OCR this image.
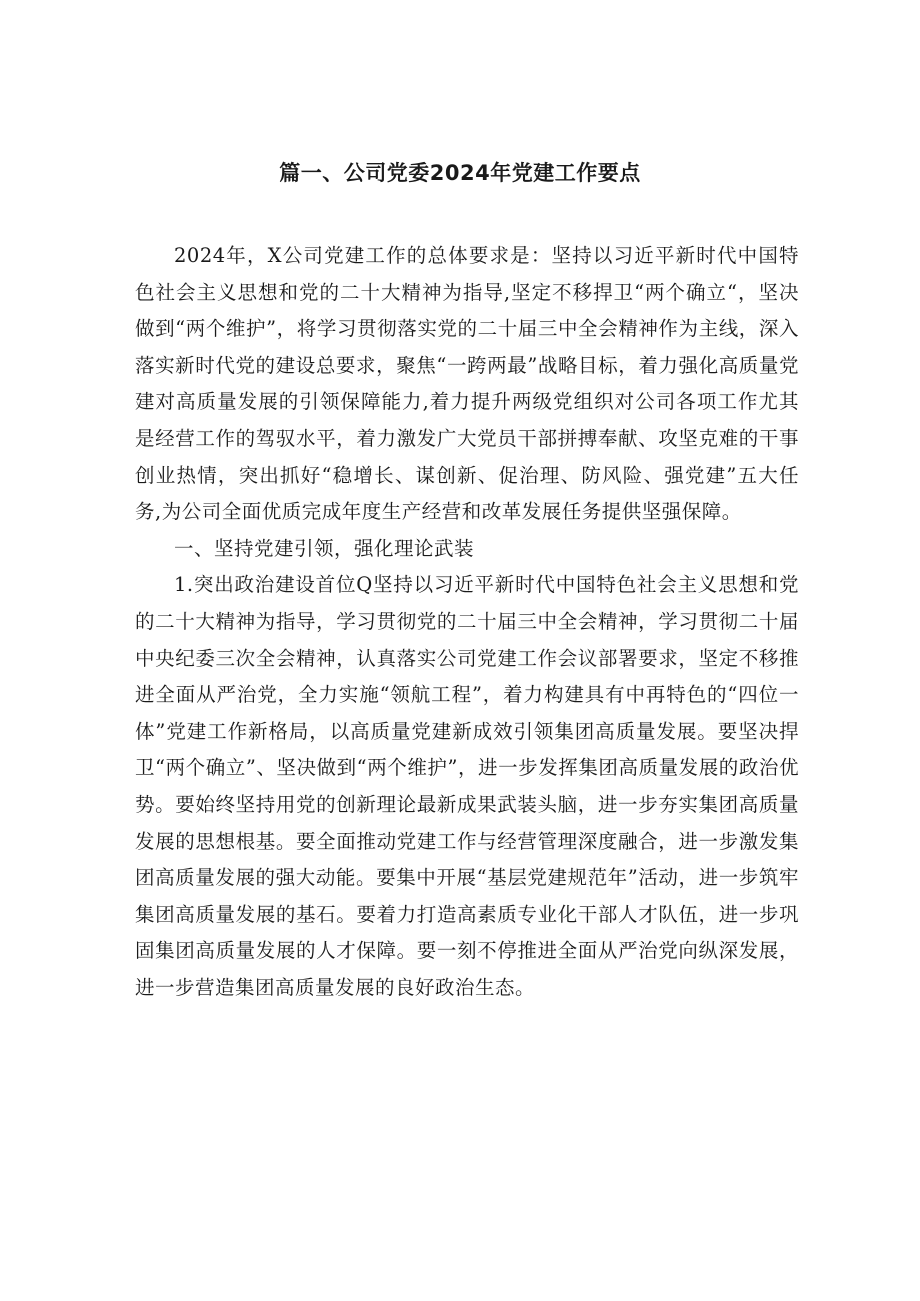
篇一、公司党委2024年党建工作要点

2024年，X公司党建工作的总体要求是：坚持以习近平新时代中国特色社会主义思想和党的二十大精神为指导,坚定不移捍卫“两个确立“，坚决做到“两个维护”，将学习贯彻落实党的二十届三中全会精神作为主线，深入落实新时代党的建设总要求，聚焦“一跨两最”战略目标，着力强化高质量党建对高质量发展的引领保障能力,着力提升两级党组织对公司各项工作尤其是经营工作的驾驭水平，着力激发广大党员干部拼搏奉献、攻坚克难的干事创业热情，突出抓好“稳增长、谋创新、促治理、防风险、强党建”五大任务,为公司全面优质完成年度生产经营和改革发展任务提供坚强保障。

一、坚持党建引领，强化理论武装

1.突出政治建设首位Q坚持以习近平新时代中国特色社会主义思想和党的二十大精神为指导，学习贯彻党的二十届三中全会精神，学习贯彻二十届中央纪委三次全会精神，认真落实公司党建工作会议部署要求，坚定不移推进全面从严治党，全力实施“领航工程”，着力构建具有中再特色的“四位一体”党建工作新格局，以高质量党建新成效引领集团高质量发展。要坚决捍卫“两个确立”、坚决做到“两个维护”，进一步发挥集团高质量发展的政治优势。要始终坚持用党的创新理论最新成果武装头脑，进一步夯实集团高质量发展的思想根基。要全面推动党建工作与经营管理深度融合，进一步激发集团高质量发展的强大动能。要集中开展“基层党建规范年”活动，进一步筑牢集团高质量发展的基石。要着力打造高素质专业化干部人才队伍，进一步巩固集团高质量发展的人才保障。要一刻不停推进全面从严治党向纵深发展，进一步营造集团高质量发展的良好政治生态。
